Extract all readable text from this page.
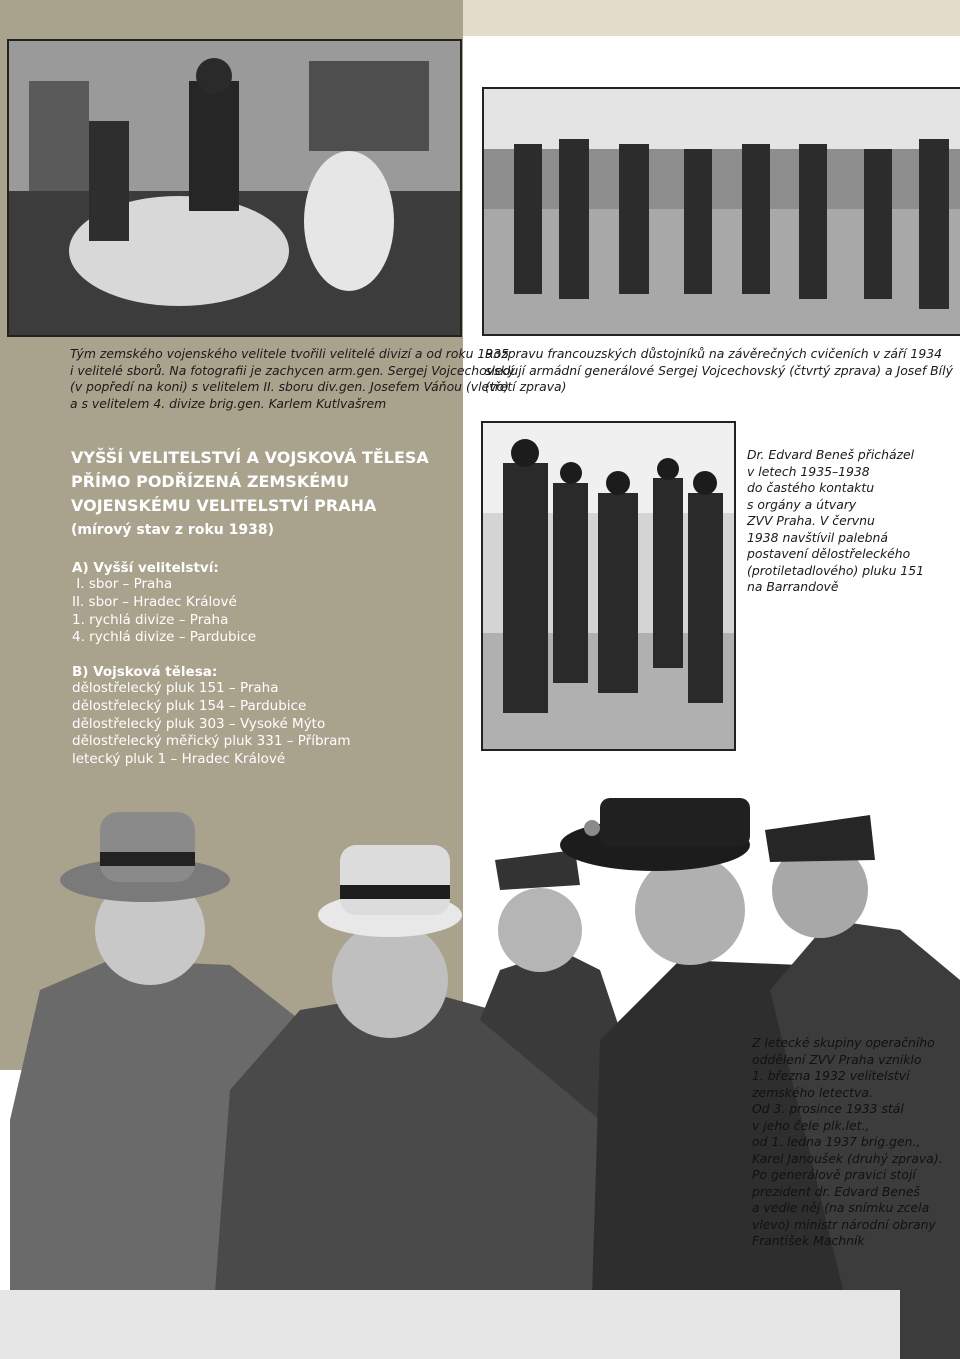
Tým zemského vojenského velitele tvořili velitelé divizí a od roku 1935
i velitelé sborů. Na fotografii je zachycen arm.gen. Sergej Vojcechovský
(v popředí na koni) s velitelem II. sboru div.gen. Josefem Váňou (vlevo)
a s velitelem 4. divize brig.gen. Karlem Kutlvašrem
Rozpravu francouzských důstojníků na závěrečných cvičeních v září 1934
sledují armádní generálové Sergej Vojcechovský (čtvrtý zprava) a Josef Bílý
(třetí zprava)
VYŠŠÍ VELITELSTVÍ A VOJSKOVÁ TĚLESA
PŘÍMO PODŘÍZENÁ ZEMSKÉMU
VOJENSKÉMU VELITELSTVÍ PRAHA

(mírový stav z roku 1938)

A) Vyšší velitelství:

I. sbor – Praha
II. sbor – Hradec Králové
1. rychlá divize – Praha
4. rychlá divize – Pardubice

B) Vojsková tělesa:

dělostřelecký pluk 151 – Praha
dělostřelecký pluk 154 – Pardubice
dělostřelecký pluk 303 – Vysoké Mýto
dělostřelecký měřický pluk 331 – Příbram
letecký pluk 1 – Hradec Králové
Dr. Edvard Beneš přicházel
v letech 1935–1938
do častého kontaktu
s orgány a útvary
ZVV Praha. V červnu
1938 navštívil palebná
postavení dělostřeleckého
(protiletadlového) pluku 151
na Barrandově
Z letecké skupiny operačního
oddělení ZVV Praha vzniklo
1. března 1932 velitelství
zemského letectva.
Od 3. prosince 1933 stál
v jeho čele plk.let.,
od 1. ledna 1937 brig.gen.,
Karel Janoušek (druhý zprava).
Po generálově pravici stojí
prezident dr. Edvard Beneš
a vedle něj (na snímku zcela
vlevo) ministr národní obrany
František Machník
